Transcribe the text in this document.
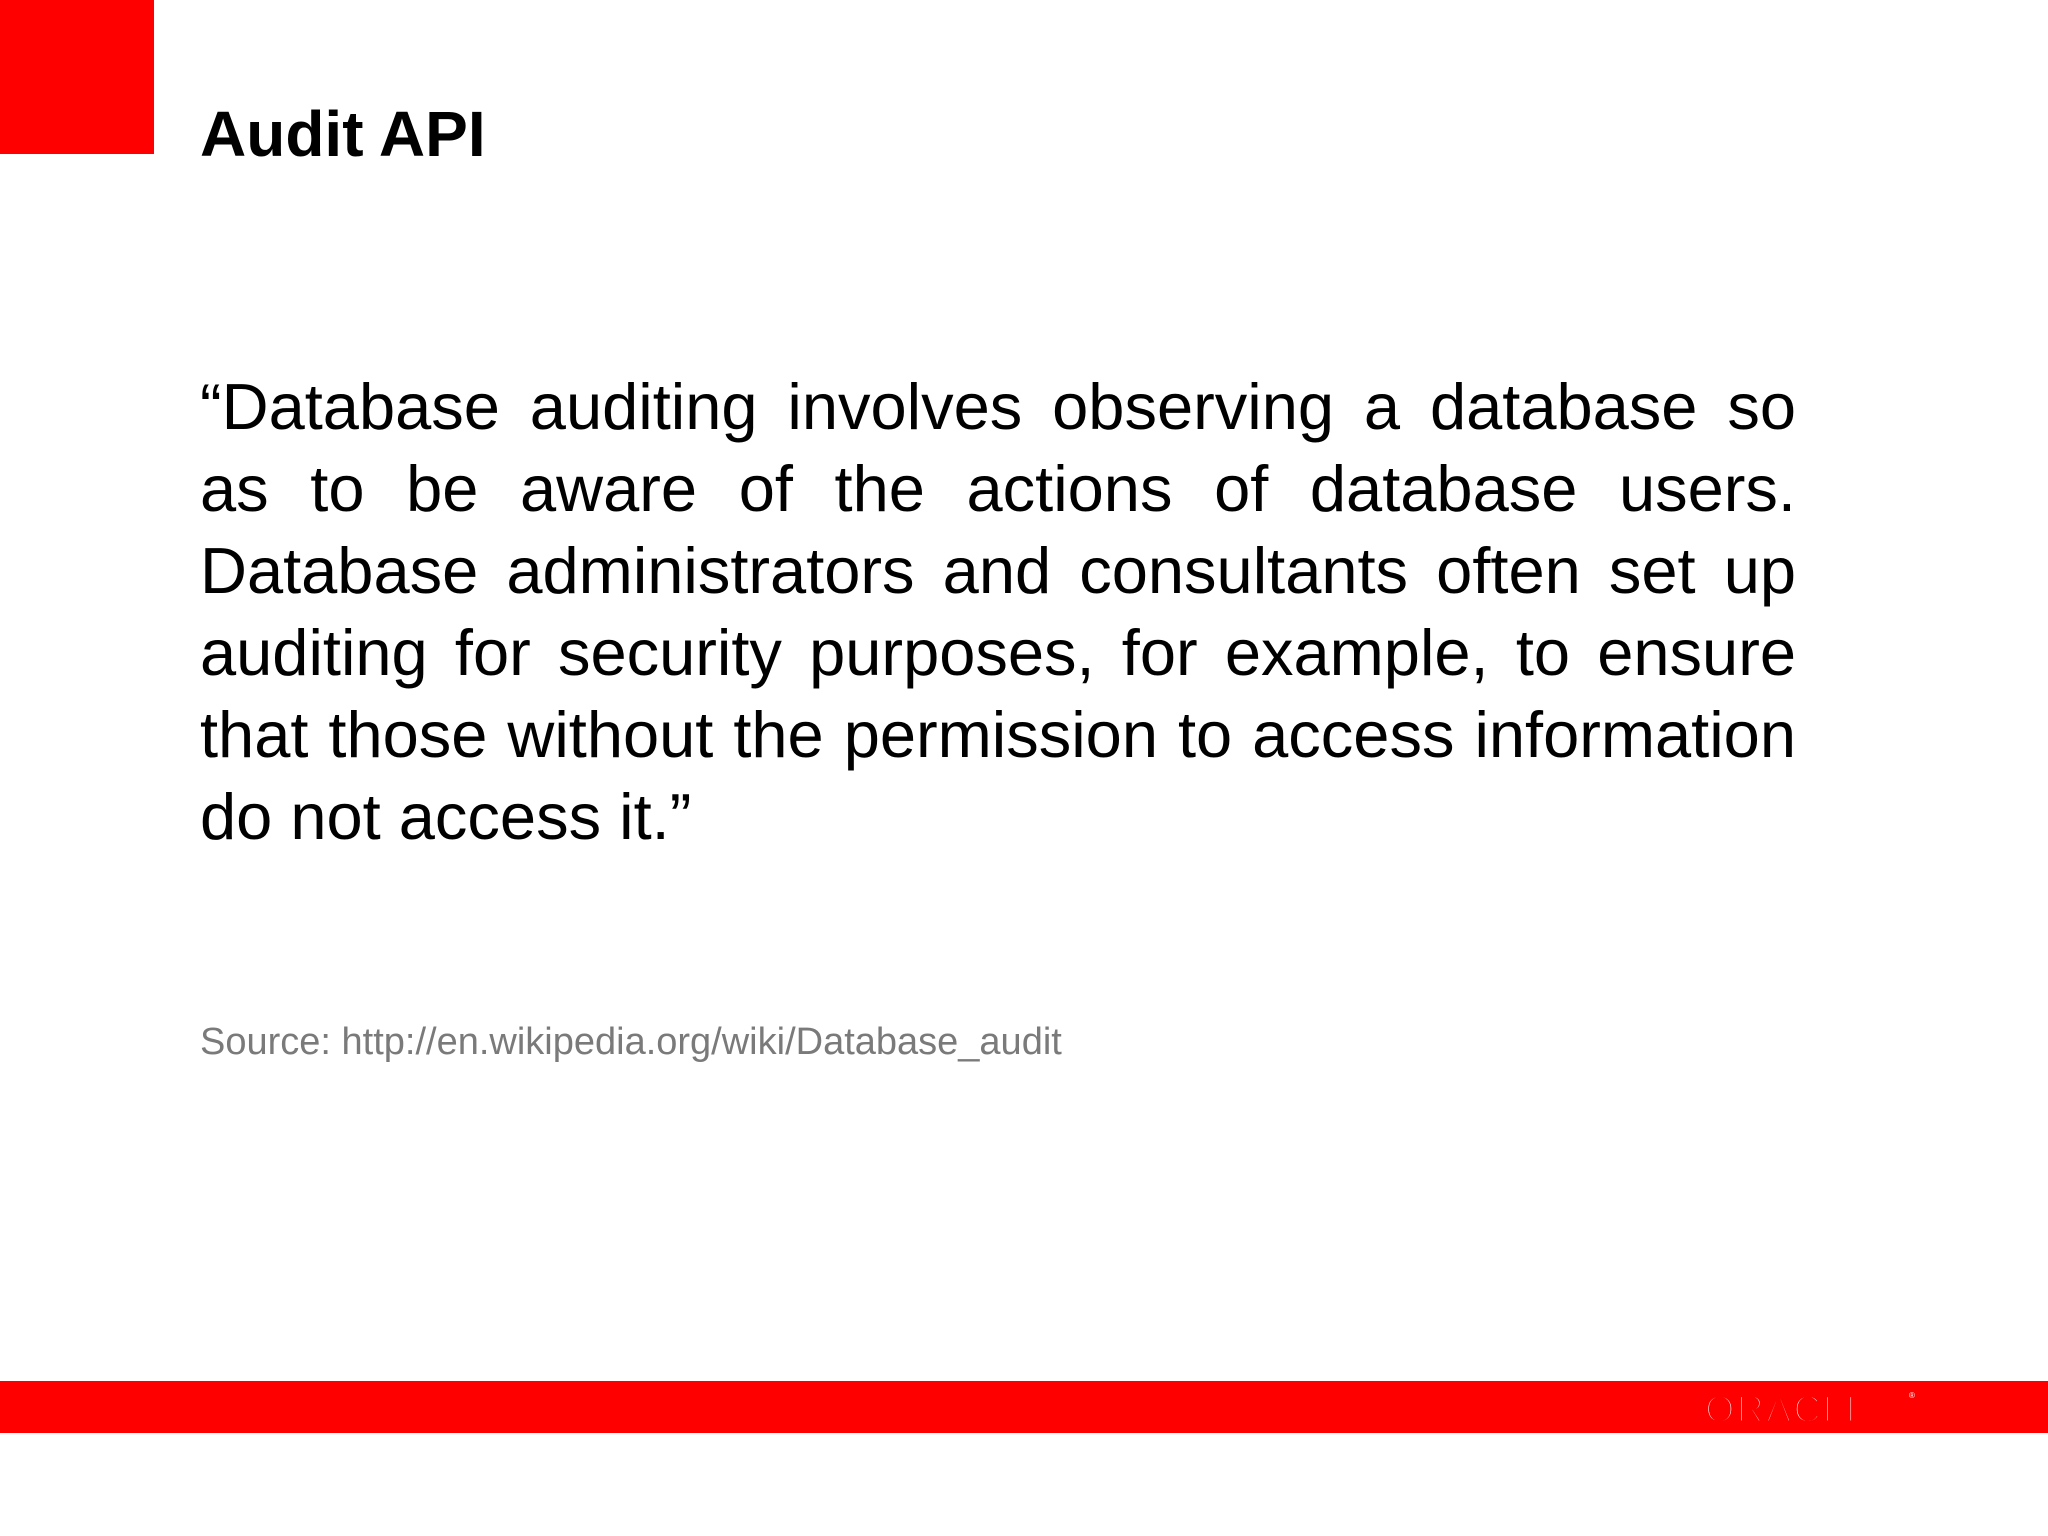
Audit API

“Database auditing involves observing a database so as to be aware of the actions of database users. Database administrators and consultants often set up auditing for security purposes, for example, to ensure that those without the permission to access information do not access it.”

Source: http://en.wikipedia.org/wiki/Database_audit

ORACLE	®
